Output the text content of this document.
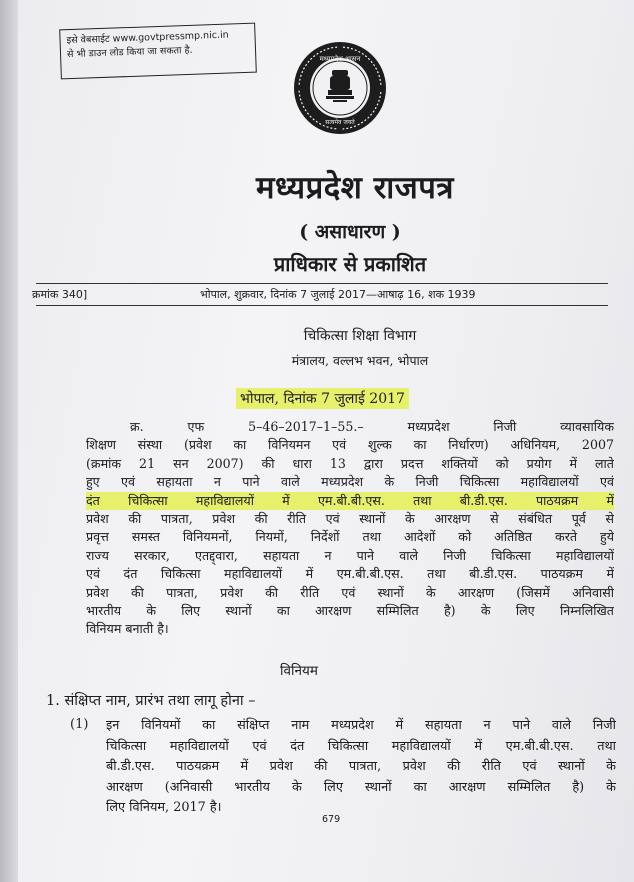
इसे वेबसाईट www.govtpressmp.nic.in
से भी डाउन लोड किया जा सकता है.	मध्यप्रदेश शासन
सत्यमेव जयते
मध्यप्रदेश राजपत्र
( असाधारण )
प्राधिकार से प्रकाशित
क्रमांक 340]	भोपाल, शुक्रवार, दिनांक 7 जुलाई 2017—आषाढ़ 16, शक 1939
चिकित्सा शिक्षा विभाग
मंत्रालय, वल्लभ भवन, भोपाल
भोपाल, दिनांक 7 जुलाई 2017
क्र. एफ 5–46–2017–1–55.– मध्यप्रदेश निजी व्यावसायिक
शिक्षण संस्था (प्रवेश का विनियमन एवं शुल्क का निर्धारण) अधिनियम, 2007
(क्रमांक 21 सन 2007) की धारा 13 द्वारा प्रदत्त शक्तियों को प्रयोग में लाते
हुए एवं सहायता न पाने वाले मध्यप्रदेश के निजी चिकित्सा महाविद्यालयों एवं
दंत चिकित्सा महाविद्यालयों में एम.बी.बी.एस. तथा बी.डी.एस. पाठयक्रम में
प्रवेश की पात्रता, प्रवेश की रीति एवं स्थानों के आरक्षण से संबंधित पूर्व से
प्रवृत्त समस्त विनियमनों, नियमों, निर्देशों तथा आदेशों को अतिष्ठित करते हुये
राज्य सरकार, एतद्द्वारा, सहायता न पाने वाले निजी चिकित्सा महाविद्यालयों
एवं दंत चिकित्सा महाविद्यालयों में एम.बी.बी.एस. तथा बी.डी.एस. पाठयक्रम में
प्रवेश की पात्रता, प्रवेश की रीति एवं स्थानों के आरक्षण (जिसमें अनिवासी
भारतीय के लिए स्थानों का आरक्षण सम्मिलित है) के लिए निम्नलिखित
विनियम बनाती है।
विनियम
1. संक्षिप्त नाम, प्रारंभ तथा लागू होना –
(1) इन विनियमों का संक्षिप्त नाम मध्यप्रदेश में सहायता न पाने वाले निजी
चिकित्सा महाविद्यालयों एवं दंत चिकित्सा महाविद्यालयों में एम.बी.बी.एस. तथा
बी.डी.एस. पाठयक्रम में प्रवेश की पात्रता, प्रवेश की रीति एवं स्थानों के
आरक्षण (अनिवासी भारतीय के लिए स्थानों का आरक्षण सम्मिलित है) के
लिए विनियम, 2017 है।
679
